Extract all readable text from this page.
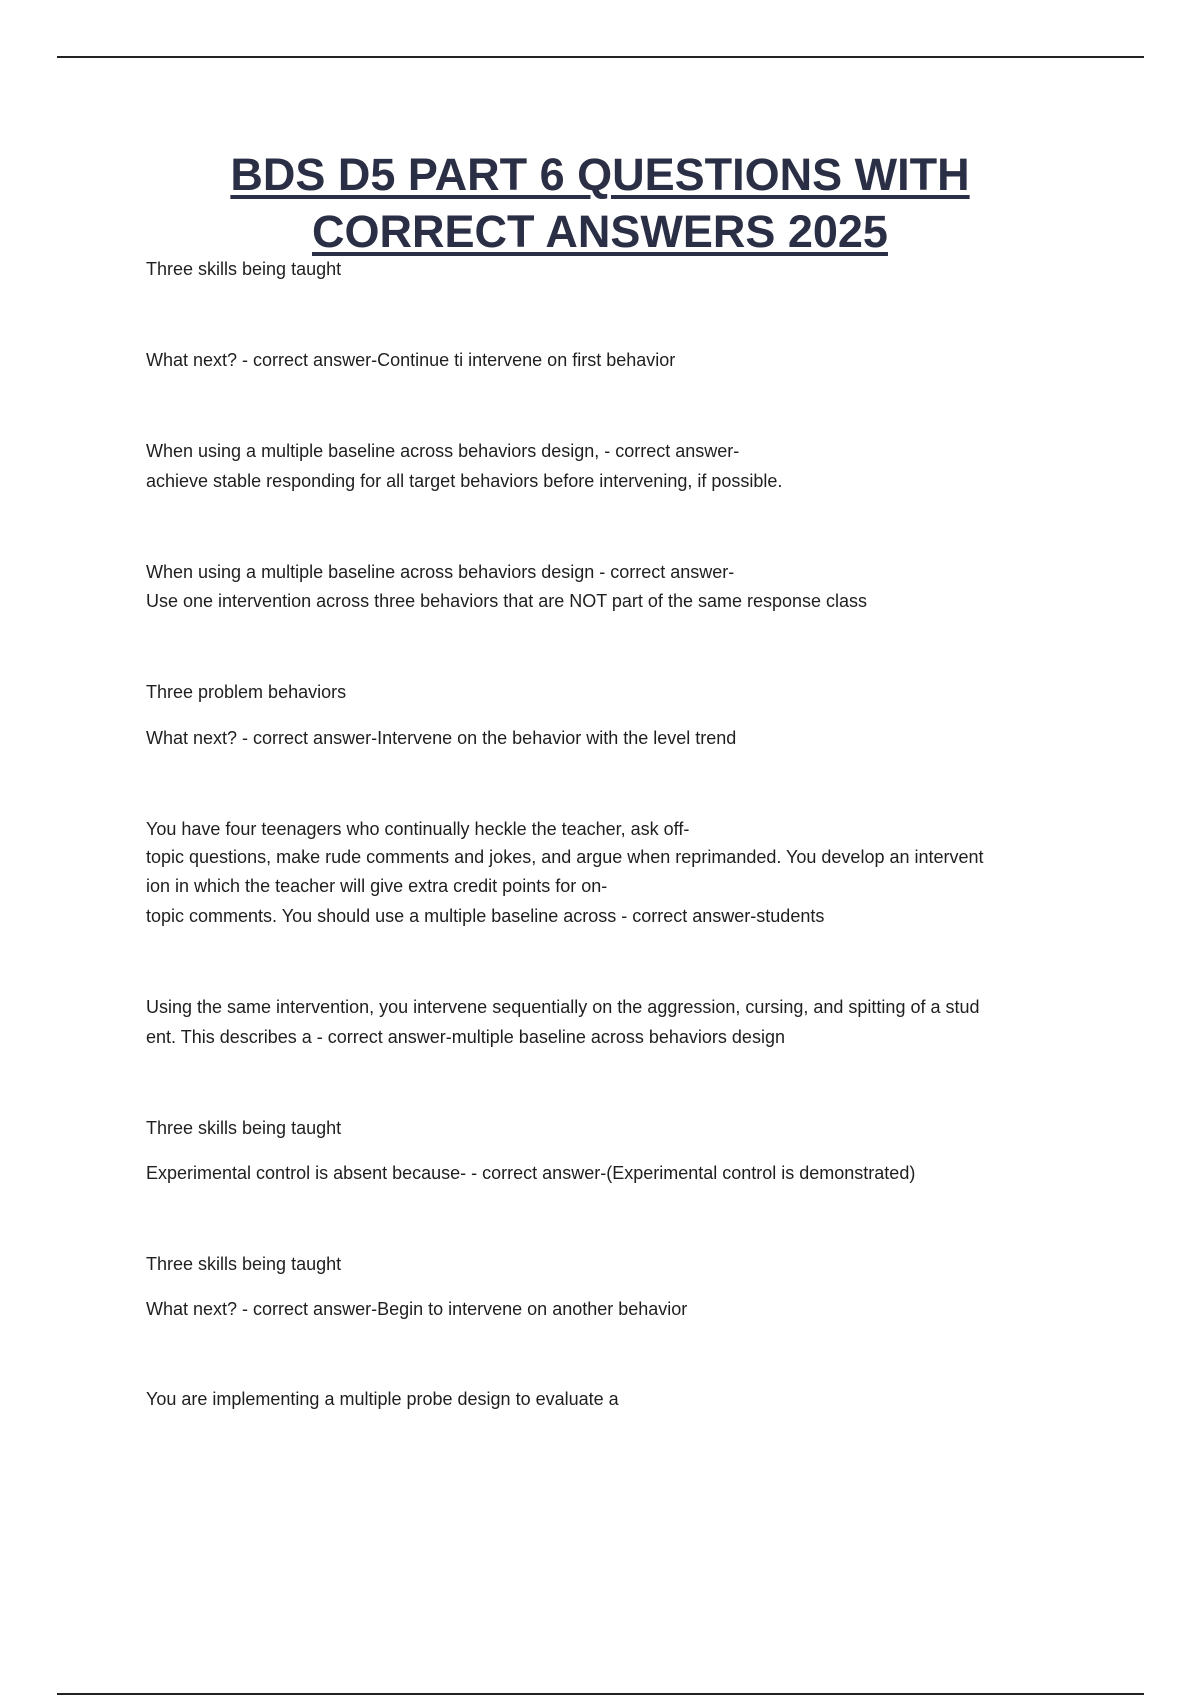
BDS D5 PART 6 QUESTIONS WITH
CORRECT ANSWERS 2025
Three skills being taught
What next? - correct answer-Continue ti intervene on first behavior
When using a multiple baseline across behaviors design, - correct answer-
achieve stable responding for all target behaviors before intervening, if possible.
When using a multiple baseline across behaviors design - correct answer-
Use one intervention across three behaviors that are NOT part of the same response class
Three problem behaviors
What next? - correct answer-Intervene on the behavior with the level trend
You have four teenagers who continually heckle the teacher, ask off-
topic questions, make rude comments and jokes, and argue when reprimanded. You develop an intervent
ion in which the teacher will give extra credit points for on-
topic comments. You should use a multiple baseline across - correct answer-students
Using the same intervention, you intervene sequentially on the aggression, cursing, and spitting of a stud
ent. This describes a - correct answer-multiple baseline across behaviors design
Three skills being taught
Experimental control is absent because- - correct answer-(Experimental control is demonstrated)
Three skills being taught
What next? - correct answer-Begin to intervene on another behavior
You are implementing a multiple probe design to evaluate a
